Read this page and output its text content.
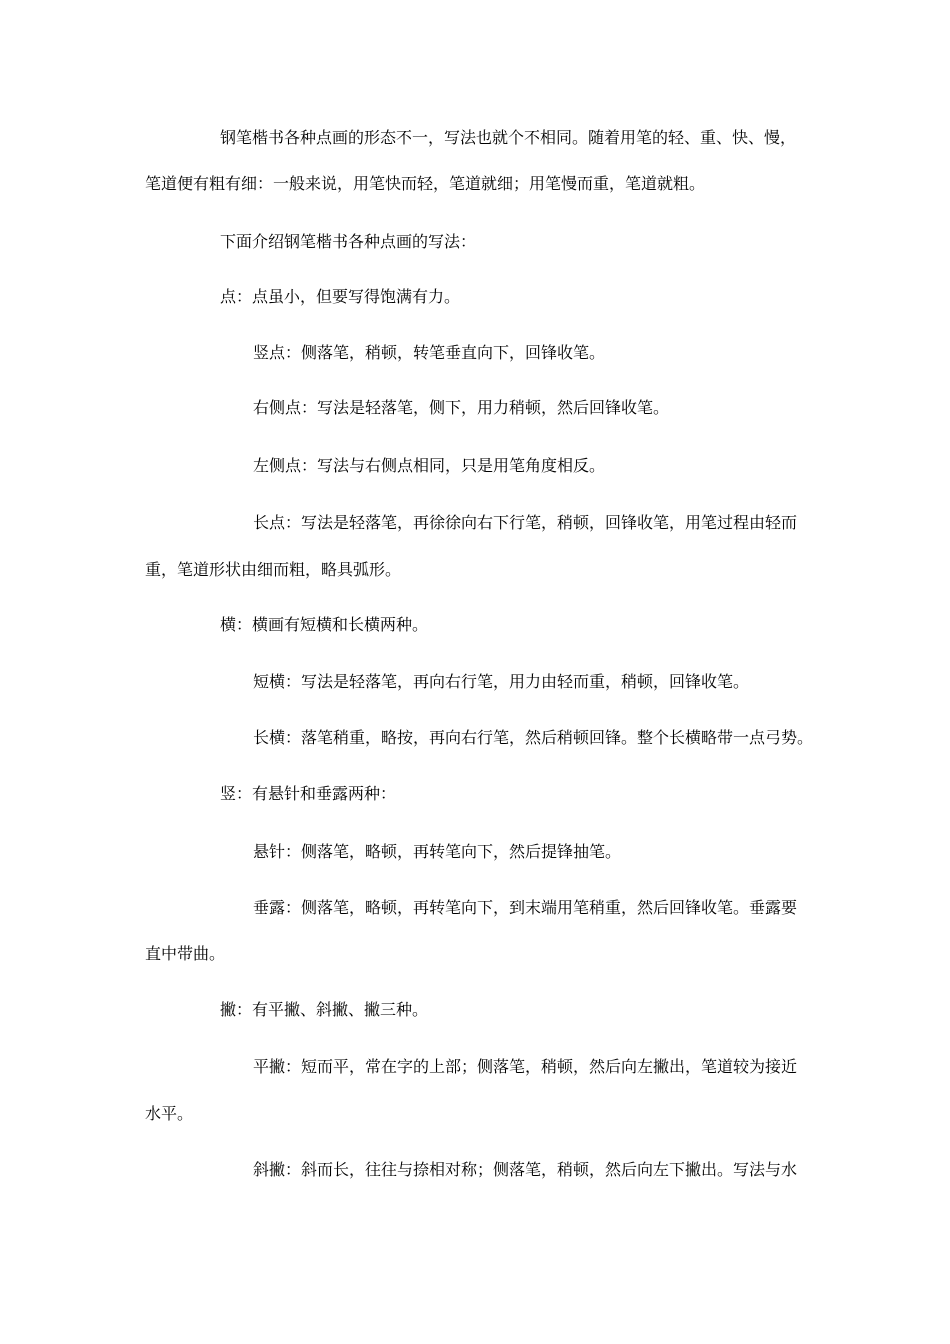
钢笔楷书各种点画的形态不一，写法也就个不相同。随着用笔的轻、重、快、慢，
笔道便有粗有细：一般来说，用笔快而轻，笔道就细；用笔慢而重，笔道就粗。
下面介绍钢笔楷书各种点画的写法：
点：点虽小，但要写得饱满有力。
竖点：侧落笔，稍顿，转笔垂直向下，回锋收笔。
右侧点：写法是轻落笔，侧下，用力稍顿，然后回锋收笔。
左侧点：写法与右侧点相同，只是用笔角度相反。
长点：写法是轻落笔，再徐徐向右下行笔，稍顿，回锋收笔，用笔过程由轻而
重，笔道形状由细而粗，略具弧形。
横：横画有短横和长横两种。
短横：写法是轻落笔，再向右行笔，用力由轻而重，稍顿，回锋收笔。
长横：落笔稍重，略按，再向右行笔，然后稍顿回锋。整个长横略带一点弓势。
竖：有悬针和垂露两种：
悬针：侧落笔，略顿，再转笔向下，然后提锋抽笔。
垂露：侧落笔，略顿，再转笔向下，到末端用笔稍重，然后回锋收笔。垂露要
直中带曲。
撇：有平撇、斜撇、撇三种。
平撇：短而平，常在字的上部；侧落笔，稍顿，然后向左撇出，笔道较为接近
水平。
斜撇：斜而长，往往与捺相对称；侧落笔，稍顿，然后向左下撇出。写法与水
